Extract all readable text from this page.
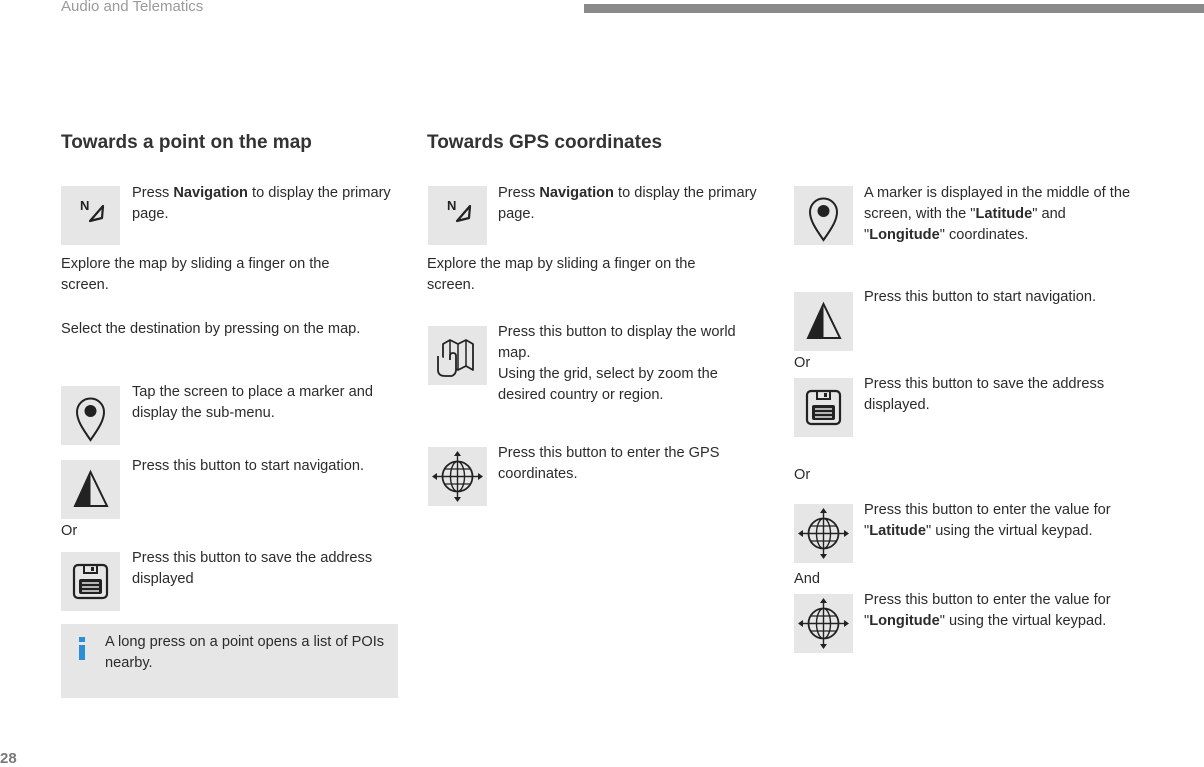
Audio and Telematics
28
Towards a point on the map
N
Press Navigation to display the primary page.
Explore the map by sliding a finger on the screen.
Select the destination by pressing on the map.
Tap the screen to place a marker and display the sub-menu.
Press this button to start navigation.
Or
Press this button to save the address displayed
A long press on a point opens a list of POIs nearby.
Towards GPS coordinates
N
Press Navigation to display the primary page.
Explore the map by sliding a finger on the screen.
Press this button to display the world map.
Using the grid, select by zoom the desired country or region.
Press this button to enter the GPS coordinates.
A marker is displayed in the middle of the screen, with the "Latitude" and "Longitude" coordinates.
Press this button to start navigation.
Or
Press this button to save the address displayed.
Or
Press this button to enter the value for "Latitude" using the virtual keypad.
And
Press this button to enter the value for "Longitude" using the virtual keypad.
